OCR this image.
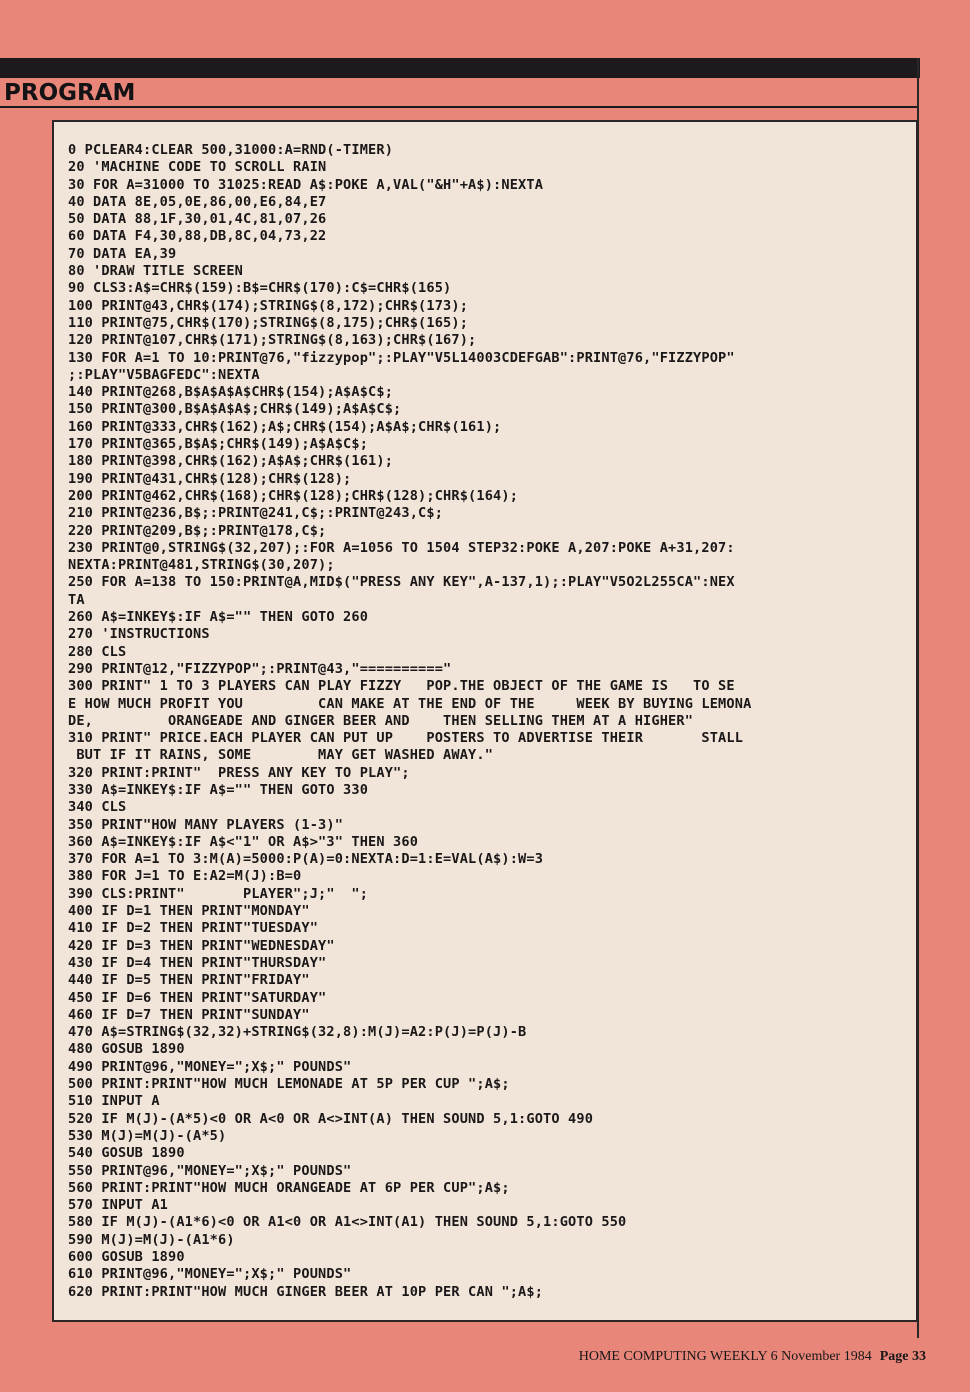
PROGRAM
0 PCLEAR4:CLEAR 500,31000:A=RND(-TIMER)
20 'MACHINE CODE TO SCROLL RAIN
30 FOR A=31000 TO 31025:READ A$:POKE A,VAL("&H"+A$):NEXTA
40 DATA 8E,05,0E,86,00,E6,84,E7
50 DATA 88,1F,30,01,4C,81,07,26
60 DATA F4,30,88,DB,8C,04,73,22
70 DATA EA,39
80 'DRAW TITLE SCREEN
90 CLS3:A$=CHR$(159):B$=CHR$(170):C$=CHR$(165)
100 PRINT@43,CHR$(174);STRING$(8,172);CHR$(173);
110 PRINT@75,CHR$(170);STRING$(8,175);CHR$(165);
120 PRINT@107,CHR$(171);STRING$(8,163);CHR$(167);
130 FOR A=1 TO 10:PRINT@76,"fizzypop";:PLAY"V5L14003CDEFGAB":PRINT@76,"FIZZYPOP"
;:PLAY"V5BAGFEDC":NEXTA
140 PRINT@268,B$A$A$A$CHR$(154);A$A$C$;
150 PRINT@300,B$A$A$A$;CHR$(149);A$A$C$;
160 PRINT@333,CHR$(162);A$;CHR$(154);A$A$;CHR$(161);
170 PRINT@365,B$A$;CHR$(149);A$A$C$;
180 PRINT@398,CHR$(162);A$A$;CHR$(161);
190 PRINT@431,CHR$(128);CHR$(128);
200 PRINT@462,CHR$(168);CHR$(128);CHR$(128);CHR$(164);
210 PRINT@236,B$;:PRINT@241,C$;:PRINT@243,C$;
220 PRINT@209,B$;:PRINT@178,C$;
230 PRINT@0,STRING$(32,207);:FOR A=1056 TO 1504 STEP32:POKE A,207:POKE A+31,207:
NEXTA:PRINT@481,STRING$(30,207);
250 FOR A=138 TO 150:PRINT@A,MID$("PRESS ANY KEY",A-137,1);:PLAY"V5O2L255CA":NEX
TA
260 A$=INKEY$:IF A$="" THEN GOTO 260
270 'INSTRUCTIONS
280 CLS
290 PRINT@12,"FIZZYPOP";:PRINT@43,"=========="
300 PRINT" 1 TO 3 PLAYERS CAN PLAY FIZZY   POP.THE OBJECT OF THE GAME IS   TO SE
E HOW MUCH PROFIT YOU         CAN MAKE AT THE END OF THE     WEEK BY BUYING LEMONA
DE,         ORANGEADE AND GINGER BEER AND    THEN SELLING THEM AT A HIGHER"
310 PRINT" PRICE.EACH PLAYER CAN PUT UP    POSTERS TO ADVERTISE THEIR       STALL
BUT IF IT RAINS, SOME        MAY GET WASHED AWAY."
320 PRINT:PRINT"  PRESS ANY KEY TO PLAY";
330 A$=INKEY$:IF A$="" THEN GOTO 330
340 CLS
350 PRINT"HOW MANY PLAYERS (1-3)"
360 A$=INKEY$:IF A$<"1" OR A$>"3" THEN 360
370 FOR A=1 TO 3:M(A)=5000:P(A)=0:NEXTA:D=1:E=VAL(A$):W=3
380 FOR J=1 TO E:A2=M(J):B=0
390 CLS:PRINT"       PLAYER";J;"  ";
400 IF D=1 THEN PRINT"MONDAY"
410 IF D=2 THEN PRINT"TUESDAY"
420 IF D=3 THEN PRINT"WEDNESDAY"
430 IF D=4 THEN PRINT"THURSDAY"
440 IF D=5 THEN PRINT"FRIDAY"
450 IF D=6 THEN PRINT"SATURDAY"
460 IF D=7 THEN PRINT"SUNDAY"
470 A$=STRING$(32,32)+STRING$(32,8):M(J)=A2:P(J)=P(J)-B
480 GOSUB 1890
490 PRINT@96,"MONEY=";X$;" POUNDS"
500 PRINT:PRINT"HOW MUCH LEMONADE AT 5P PER CUP ";A$;
510 INPUT A
520 IF M(J)-(A*5)<0 OR A<0 OR A<>INT(A) THEN SOUND 5,1:GOTO 490
530 M(J)=M(J)-(A*5)
540 GOSUB 1890
550 PRINT@96,"MONEY=";X$;" POUNDS"
560 PRINT:PRINT"HOW MUCH ORANGEADE AT 6P PER CUP";A$;
570 INPUT A1
580 IF M(J)-(A1*6)<0 OR A1<0 OR A1<>INT(A1) THEN SOUND 5,1:GOTO 550
590 M(J)=M(J)-(A1*6)
600 GOSUB 1890
610 PRINT@96,"MONEY=";X$;" POUNDS"
620 PRINT:PRINT"HOW MUCH GINGER BEER AT 10P PER CAN ";A$;
HOME COMPUTING WEEKLY 6 November 1984 Page 33
